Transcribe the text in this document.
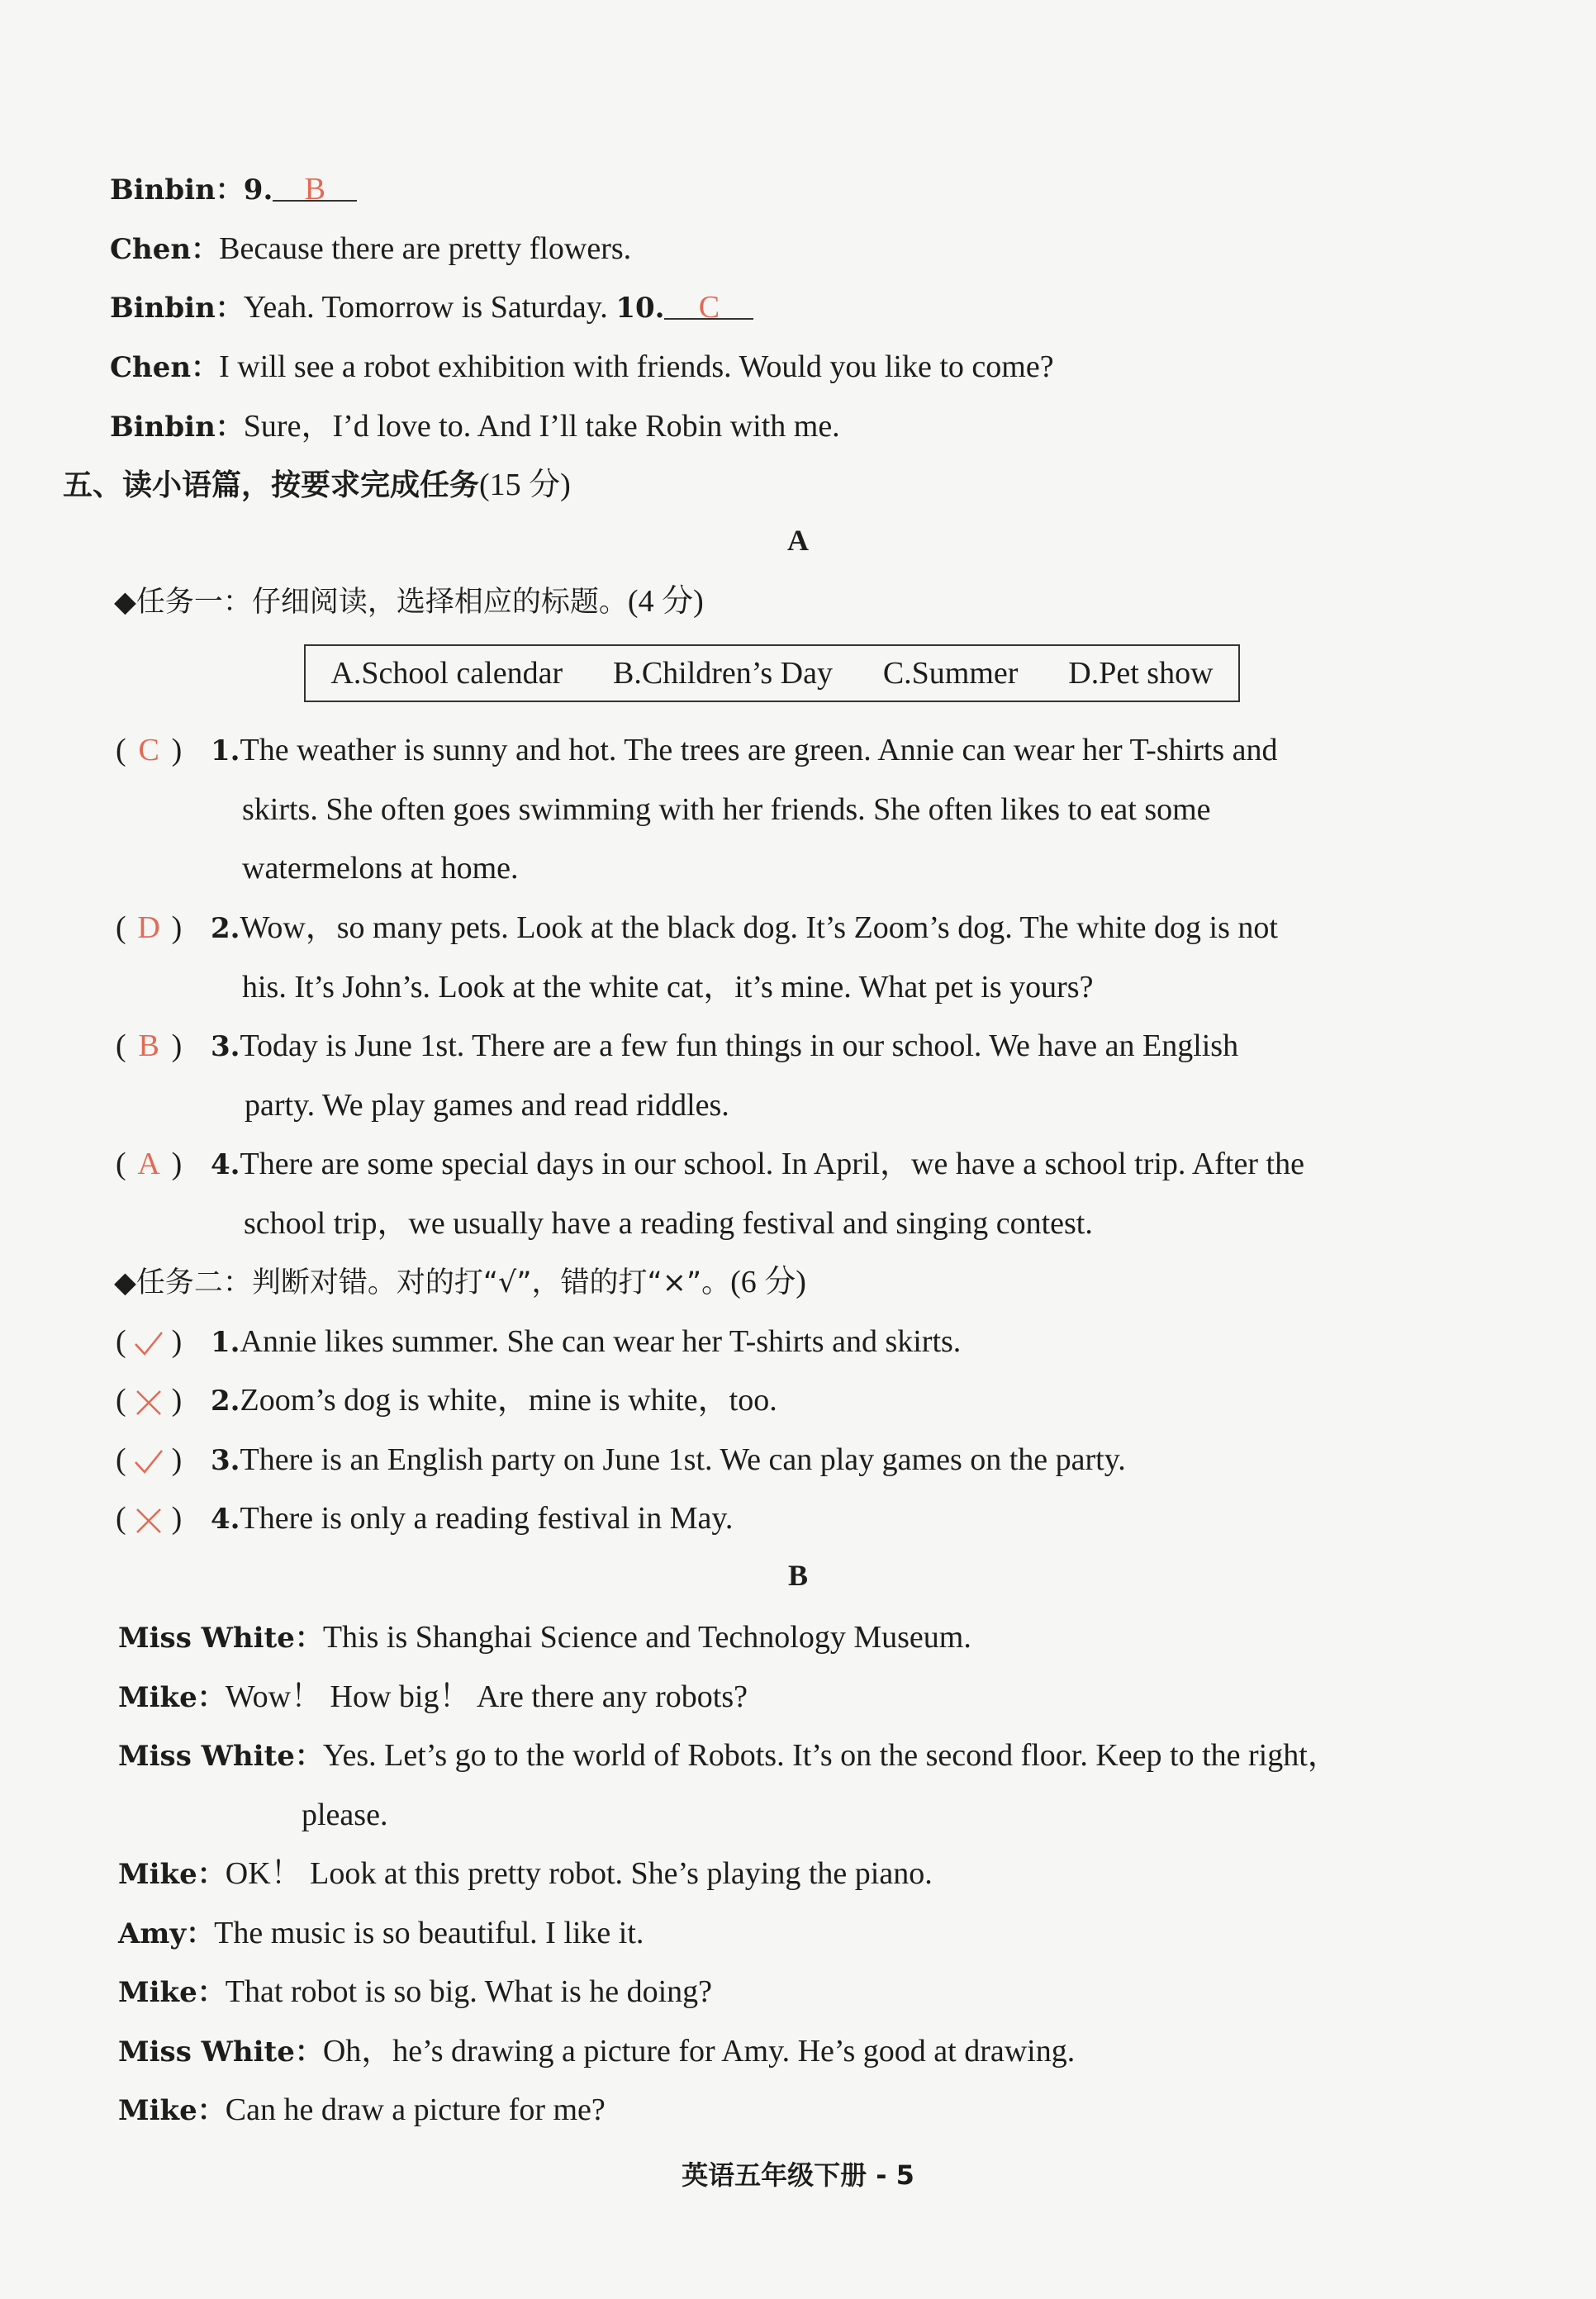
Binbin：9. B
Chen：Because there are pretty flowers.
Binbin：Yeah. Tomorrow is Saturday. 10. C
Chen：I will see a robot exhibition with friends. Would you like to come?
Binbin：Sure，I’d love to. And I’ll take Robin with me.
五、读小语篇，按要求完成任务(15 分)
A
◆任务一：仔细阅读，选择相应的标题。(4 分)
A.School calendar B.Children’s Day C.Summer D.Pet show
( C ) 1.The weather is sunny and hot. The trees are green. Annie can wear her T-shirts and
skirts. She often goes swimming with her friends. She often likes to eat some
watermelons at home.
( D ) 2.Wow，so many pets. Look at the black dog. It’s Zoom’s dog. The white dog is not
his. It’s John’s. Look at the white cat，it’s mine. What pet is yours?
( B ) 3.Today is June 1st. There are a few fun things in our school. We have an English
party. We play games and read riddles.
( A ) 4.There are some special days in our school. In April，we have a school trip. After the
school trip，we usually have a reading festival and singing contest.
◆任务二：判断对错。对的打“√”，错的打“×”。(6 分)
( ) 1.Annie likes summer. She can wear her T-shirts and skirts.
( ) 2.Zoom’s dog is white，mine is white，too.
( ) 3.There is an English party on June 1st. We can play games on the party.
( ) 4.There is only a reading festival in May.
B
Miss White：This is Shanghai Science and Technology Museum.
Mike：Wow！ How big！ Are there any robots?
Miss White：Yes. Let’s go to the world of Robots. It’s on the second floor. Keep to the right，
please.
Mike：OK！ Look at this pretty robot. She’s playing the piano.
Amy：The music is so beautiful. I like it.
Mike：That robot is so big. What is he doing?
Miss White：Oh，he’s drawing a picture for Amy. He’s good at drawing.
Mike：Can he draw a picture for me?
英语五年级下册 - 5
